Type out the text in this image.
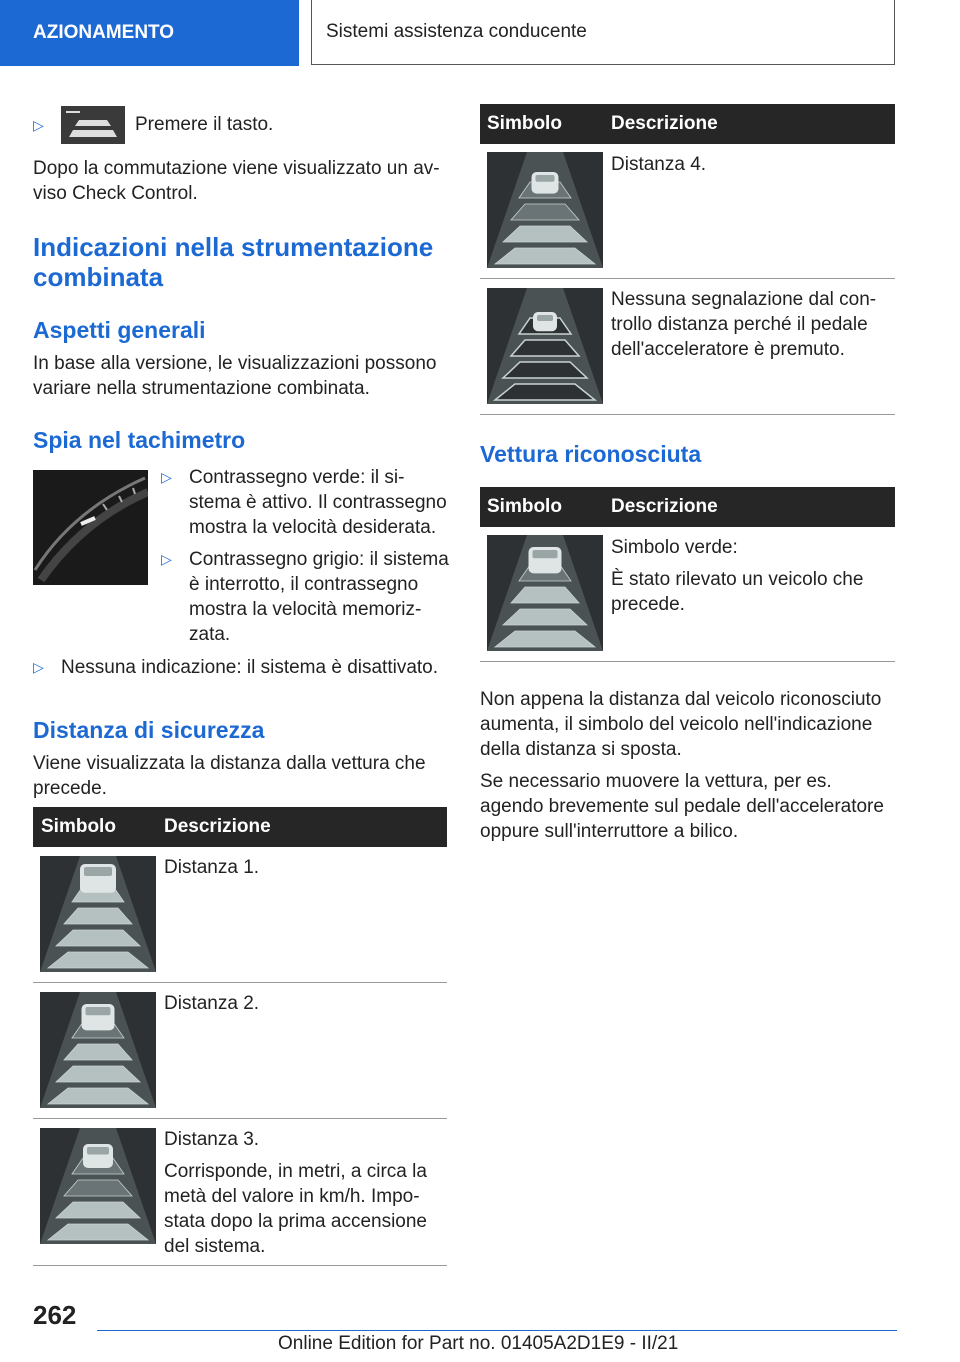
AZIONAMENTO	Sistemi assistenza conducente
▷	Premere il tasto.

Dopo la commutazione viene visualizzato un av-viso Check Control.

Indicazioni nella strumentazione combinata
Aspetti generali

In base alla versione, le visualizzazioni possono variare nella strumentazione combinata.

Spia nel tachimetro
▷ Contrassegno verde: il si-stema è attivo. Il contrassegno mostra la velocità desiderata.
▷ Contrassegno grigio: il sistema è interrotto, il contrassegno mostra la velocità memoriz-zata.
▷ Nessuna indicazione: il sistema è disattivato.
Distanza di sicurezza

Viene visualizzata la distanza dalla vettura che precede.

Simbolo	Descrizione

Distanza 1.

Distanza 2.

Distanza 3.

Corrisponde, in metri, a circa la metà del valore in km/h. Impo-stata dopo la prima accensione del sistema.

Simbolo	Descrizione

Distanza 4.

Nessuna segnalazione dal con-trollo distanza perché il pedale dell'acceleratore è premuto.

Vettura riconosciuta
Simbolo	Descrizione

Simbolo verde:

È stato rilevato un veicolo che precede.

Non appena la distanza dal veicolo riconosciuto aumenta, il simbolo del veicolo nell'indicazione della distanza si sposta.

Se necessario muovere la vettura, per es. agendo brevemente sul pedale dell'acceleratore oppure sull'interruttore a bilico.

262
Online Edition for Part no. 01405A2D1E9 - II/21
